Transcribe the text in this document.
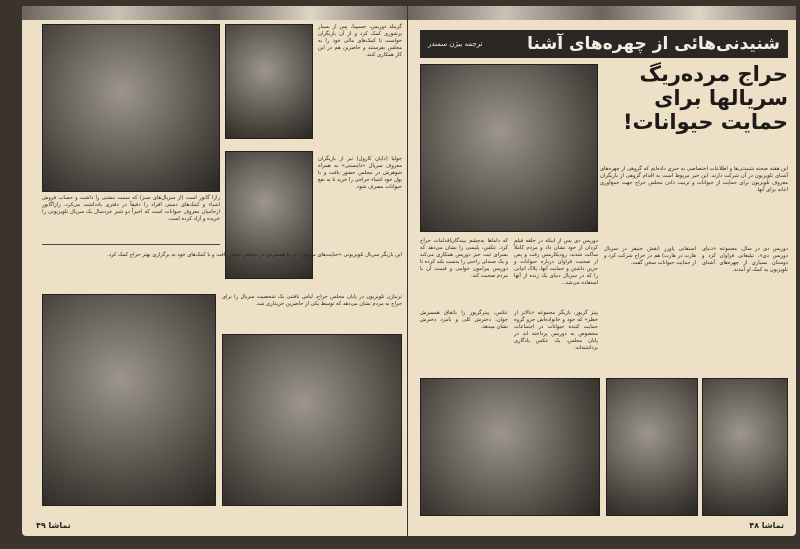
گرینلد دوریس، جسپینا، پس از بسیار پرشوری کمک کرد و از آن بازیگران خواست تا کمک‌های مالی خود را به مجلس بفرستند و حاضرین هم در این کار همکاری کنند.
زازا گابور است (از سریال‌های سبز) که سمت مشتی را داشت و حساب فروش اشیاء و کمک‌های دستی افراد را دقیقاً در دفتری یادداشت می‌کرد. زازاگابور ازحامیان معروف حیوانات است که اخیراً دو شیر خردسال یک سریال تلویزیونی را خریده و آزاد کرده است.
جولیا (دایان کارول) نیز از بازیگران معروف سریال «داینستی» به همراه شوهرش در مجلس حضور یافت و با پول خود اشیاء حراجی را خرید تا به نفع حیوانات مصرف شود.
این بازیگر سریال تلویزیونی «جنایت‌های مرموز» نیز با همسرش در مجلس حضور یافت و با کمک‌های خود به برگزاری بهتر حراج کمک کرد.
ترنبازن تلویزیون در پایان مجلس حراج، لباس بافتنی یک شخصیت سریال را برای حراج به مردم نشان می‌دهد که توسط یکی از حاضرین خریداری شد.
تماشا ۴۹
شنیدنی‌هائی از چهره‌های آشنا
ترجمه بیژن سمندر
حراج مرده‌ریگ سریالها برای حمایت حیوانات!
این هفته صحنه شنیدنی‌ها و اطلاعات اختصاصی به خبری داده‌ایم که گروهی از چهره‌های آشنای تلویزیون در آن شرکت دارند. این خبر مربوط است به اقدام گروهی از بازیگران معروف تلویزیون برای حمایت از حیوانات و ترتیب دادن مجلس حراج جهت جمع‌آوری اعانه برای آنها.
دوریس دی پس از اینکه در حلقه فیلم کردان از خود نشان داد و مردم کاملاً ساکت شدند، رودیکارمس رفت و پس از صحبت فراوان درباره حیوانات و حزین داشتن و حمایت آنها، پلاک اتیانی را که در سریال دنیای یک زنده از آنها استفاده می‌شد...
که داماها به‌چشم بیندگان‌اقدامات حراج کرد. عکس، پلیسی را نشان می‌دهد که بسرای ثبت خبر دوریس همکاری می‌کند و یک صندلی راحتی را بدست بلند کرده تا دوریس پیرامون خوامی و قیمت آن با مردم صحبت کند.
پیتر گریوز، بازیگر مجموعه «بالاتر از خطر» که خود و خانواده‌اش جزو گروه حمایت کننده حیوانات در اجتماعات مخصوص به دوریس پرداخته اند در پایان مجلس، یک عکس یادگاری برداشته‌اند.
عکس، پیترگریوز را باتفاق همسرش جوان، دخترش کلی و نامزد دخترش نشان میدهد.
استفانی پاورز (نقش جنیفر در سریال هارت در هارت) هم در حراج شرکت کرد و از حمایت حیوانات سخن گفت.
دوریس دی در سال، مجموعه «دنیای دوریس دی»، تبلیغاتی فراوان کرد و دوستان بسیاری از چهره‌های آشنای تلویزیون به کمک او آمدند.
تماشا ۴۸
